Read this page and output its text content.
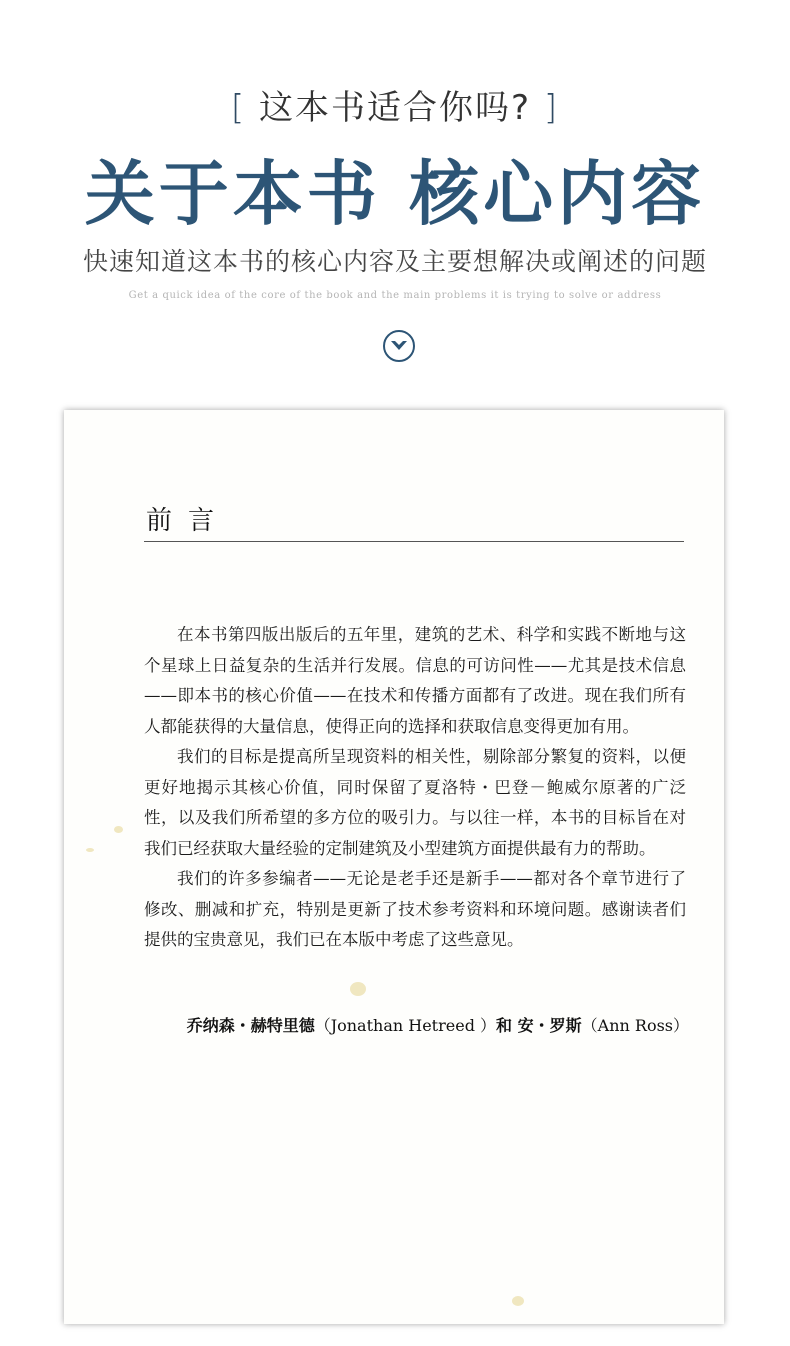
[ 这本书适合你吗? ]
关于本书 核心内容
快速知道这本书的核心内容及主要想解决或阐述的问题
Get a quick idea of the core of the book and the main problems it is trying to solve or address
前言

在本书第四版出版后的五年里，建筑的艺术、科学和实践不断地与这个星球上日益复杂的生活并行发展。信息的可访问性——尤其是技术信息——即本书的核心价值——在技术和传播方面都有了改进。现在我们所有人都能获得的大量信息，使得正向的选择和获取信息变得更加有用。

我们的目标是提高所呈现资料的相关性，剔除部分繁复的资料，以便更好地揭示其核心价值，同时保留了夏洛特・巴登－鲍威尔原著的广泛性，以及我们所希望的多方位的吸引力。与以往一样，本书的目标旨在对我们已经获取大量经验的定制建筑及小型建筑方面提供最有力的帮助。

我们的许多参编者——无论是老手还是新手——都对各个章节进行了修改、删减和扩充，特别是更新了技术参考资料和环境问题。感谢读者们提供的宝贵意见，我们已在本版中考虑了这些意见。

乔纳森・赫特里德（Jonathan Hetreed ）和 安・罗斯（Ann Ross）
